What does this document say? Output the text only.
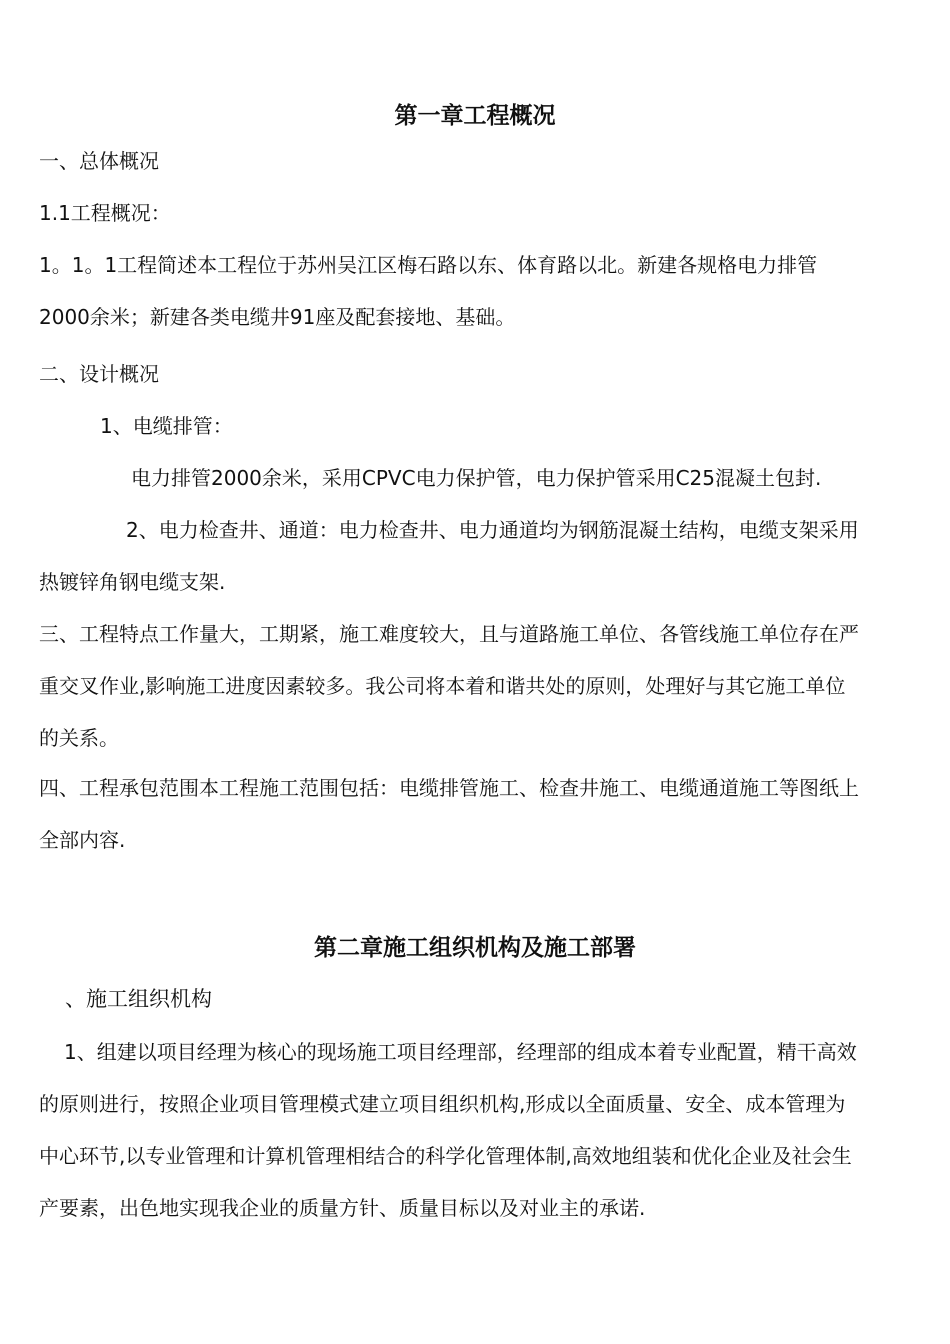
第一章工程概况

一、总体概况

1.1工程概况：

1。1。1工程简述本工程位于苏州吴江区梅石路以东、体育路以北。新建各规格电力排管

2000余米；新建各类电缆井91座及配套接地、基础。

二、设计概况

1、电缆排管：

电力排管2000余米，采用CPVC电力保护管，电力保护管采用C25混凝土包封.

2、电力检查井、通道：电力检查井、电力通道均为钢筋混凝土结构，电缆支架采用

热镀锌角钢电缆支架.

三、工程特点工作量大，工期紧，施工难度较大，且与道路施工单位、各管线施工单位存在严

重交叉作业,影响施工进度因素较多。我公司将本着和谐共处的原则，处理好与其它施工单位

的关系。

四、工程承包范围本工程施工范围包括：电缆排管施工、检查井施工、电缆通道施工等图纸上

全部内容.

第二章施工组织机构及施工部署

、施工组织机构

1、组建以项目经理为核心的现场施工项目经理部，经理部的组成本着专业配置，精干高效

的原则进行，按照企业项目管理模式建立项目组织机构,形成以全面质量、安全、成本管理为

中心环节,以专业管理和计算机管理相结合的科学化管理体制,高效地组装和优化企业及社会生

产要素，出色地实现我企业的质量方针、质量目标以及对业主的承诺.
